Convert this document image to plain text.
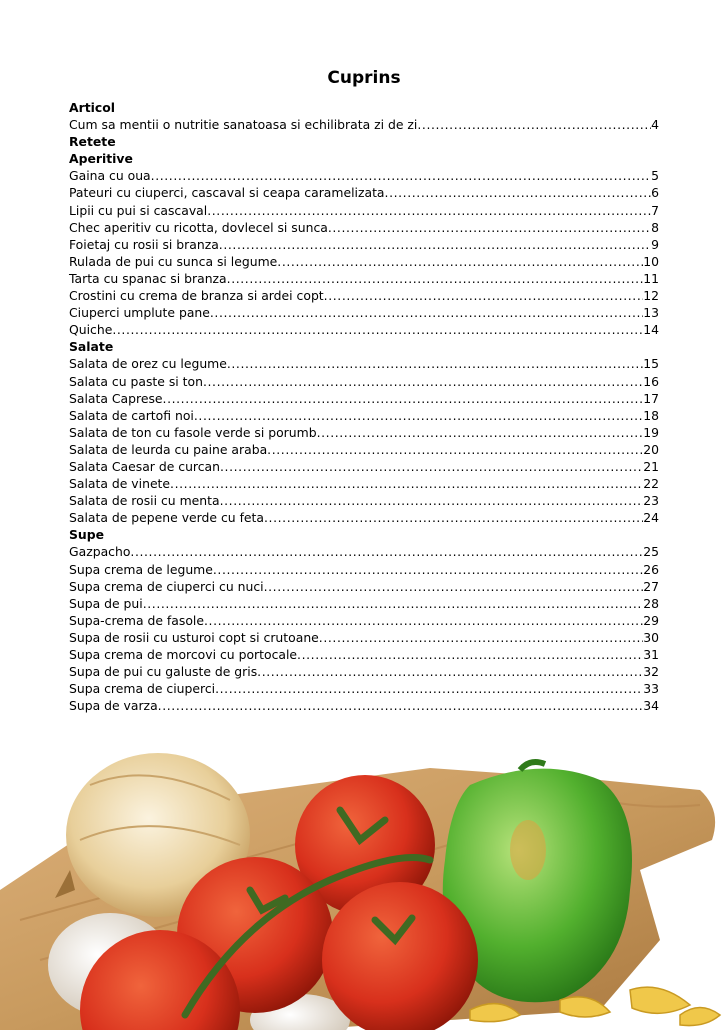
Cuprins
Articol
Cum sa mentii o nutritie sanatoasa si echilibrata zi de zi .....	4
Retete
Aperitive
Gaina cu oua .....	5
Pateuri cu ciuperci, cascaval si ceapa caramelizata .....	6
Lipii cu pui si cascaval .....	7
Chec aperitiv cu ricotta, dovlecel si sunca .....	8
Foietaj cu rosii si branza .....	9
Rulada de pui cu sunca si legume .....	10
Tarta cu spanac si branza .....	11
Crostini cu crema de branza si ardei copt .....	12
Ciuperci umplute pane .....	13
Quiche .....	14
Salate
Salata de orez cu legume .....	15
Salata cu paste si ton .....	16
Salata Caprese .....	17
Salata de cartofi noi .....	18
Salata de ton cu fasole verde si porumb .....	19
Salata de leurda cu paine araba .....	20
Salata Caesar de curcan .....	21
Salata de vinete .....	22
Salata de rosii cu menta .....	23
Salata de pepene verde cu feta .....	24
Supe
Gazpacho .....	25
Supa crema de legume .....	26
Supa crema de ciuperci cu nuci .....	27
Supa de pui .....	28
Supa-crema de fasole .....	29
Supa de rosii cu usturoi copt si crutoane .....	30
Supa crema de morcovi cu portocale .....	31
Supa de pui cu galuste de gris .....	32
Supa crema de ciuperci .....	33
Supa de varza .....	34
